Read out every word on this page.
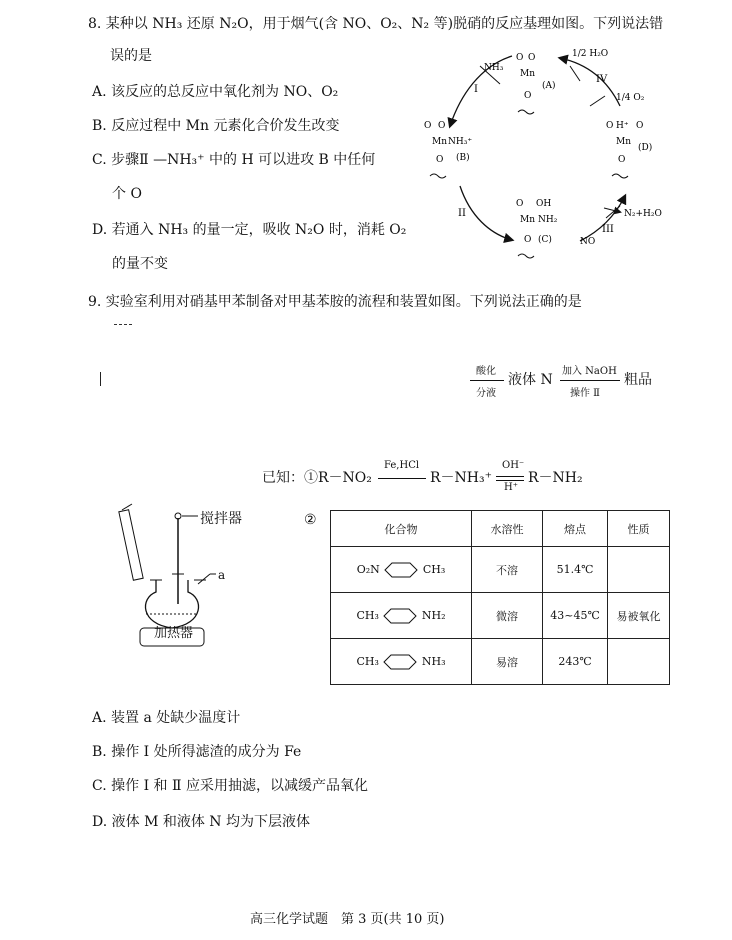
8. 某种以 NH₃ 还原 N₂O，用于烟气(含 NO、O₂、N₂ 等)脱硝的反应基理如图。下列说法错
误的是
A. 该反应的总反应中氧化剂为 NO、O₂
B. 反应过程中 Mn 元素化合价发生改变
C. 步骤Ⅱ —NH₃⁺ 中的 H 可以进攻 B 中任何
个 O
D. 若通入 NH₃ 的量一定，吸收 N₂O 时，消耗 O₂
的量不变
O O
Mn
(A)
O
O O
Mn NH₃⁺
(B)
O
O OH
Mn NH₂
(C)
O
O H⁺ O
Mn
(D)
O
I
NH₃
II
III
NO
N₂+H₂O
IV
1/2 H₂O
1/4 O₂
9. 实验室利用对硝基甲苯制备对甲基苯胺的流程和装置如图。下列说法正确的是
酸化
分液
液体 N
加入 NaOH
操作 Ⅱ
粗品
已知：①R－NO₂
Fe,HCl
R－NH₃⁺
OH⁻
H⁺
R－NH₂
搅拌器
a
加热器
②
化合物	水溶性	熔点	性质
O₂N CH₃	不溶	51.4℃	
CH₃ NH₂	微溶	43~45℃	易被氧化
CH₃ NH₃	易溶	243℃	
A. 装置 a 处缺少温度计
B. 操作 Ⅰ 处所得滤渣的成分为 Fe
C. 操作 Ⅰ 和 Ⅱ 应采用抽滤，以减缓产品氧化
D. 液体 M 和液体 N 均为下层液体
高三化学试题　第 3 页(共 10 页)
